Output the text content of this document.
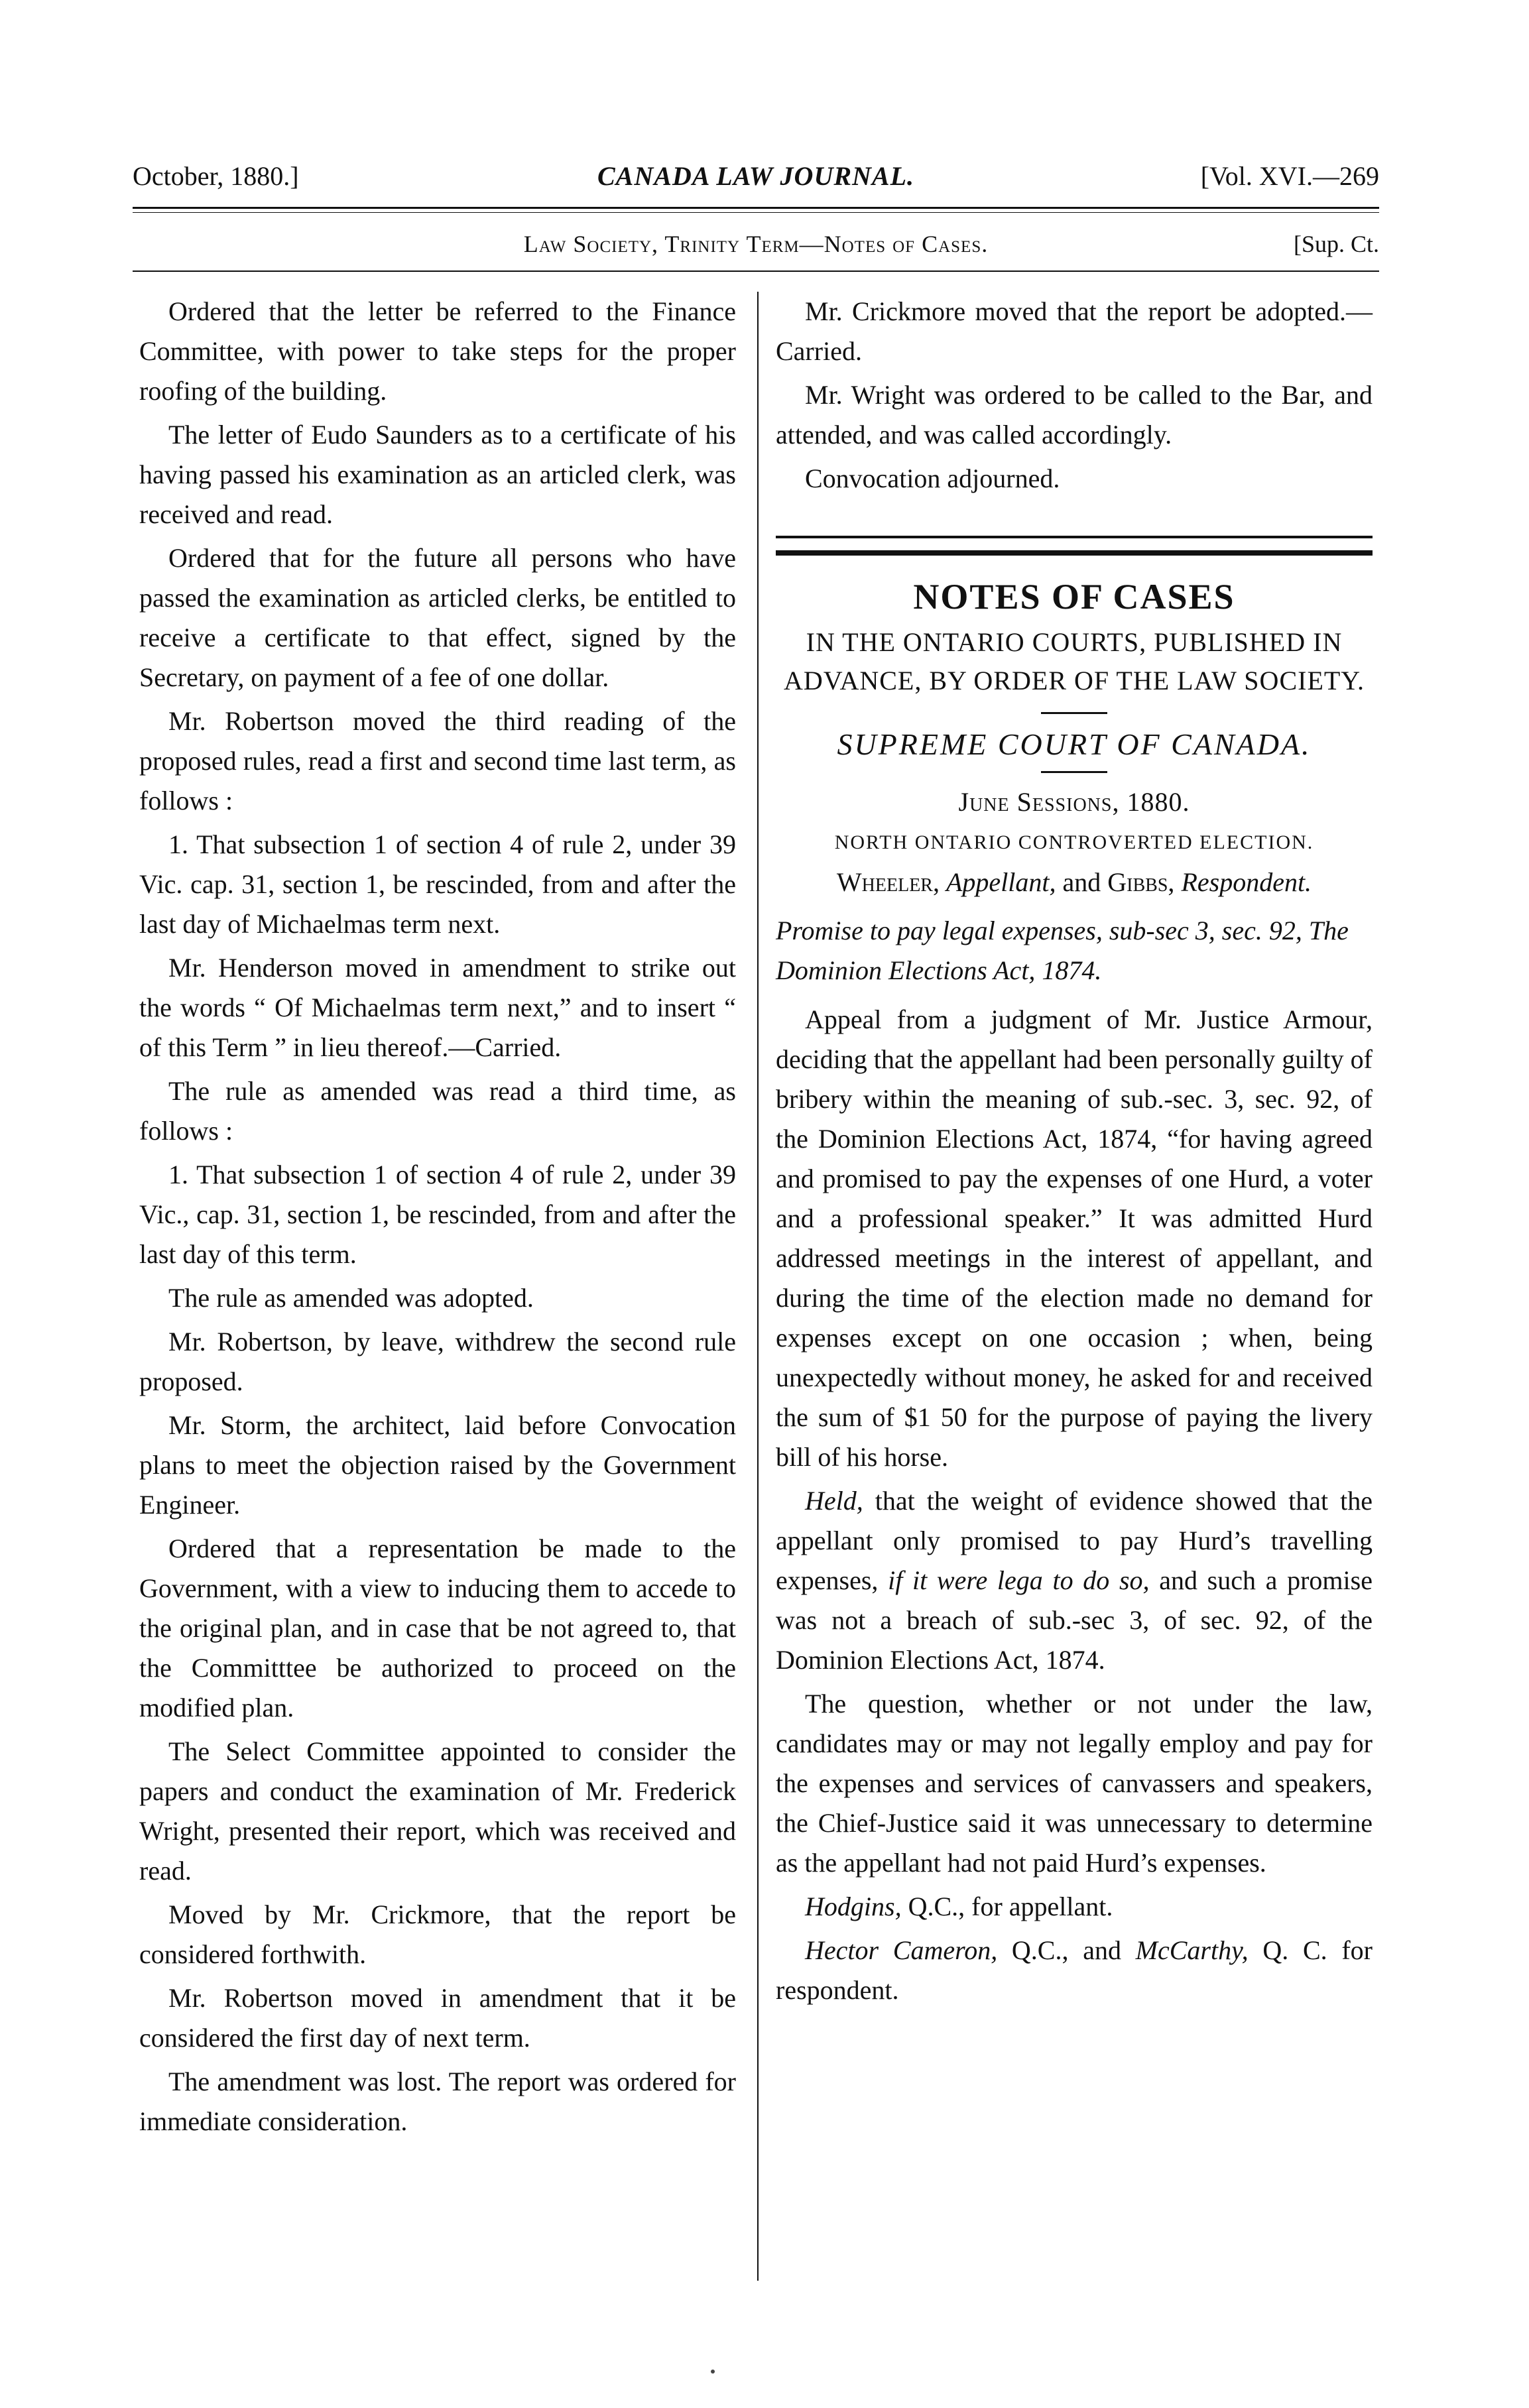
October, 1880.]	CANADA LAW JOURNAL.	[Vol. XVI.—269
Law Society, Trinity Term—Notes of Cases.	[Sup. Ct.

Ordered that the letter be referred to the Finance Committee, with power to take steps for the proper roofing of the building.

The letter of Eudo Saunders as to a certificate of his having passed his examination as an articled clerk, was received and read.

Ordered that for the future all persons who have passed the examination as articled clerks, be entitled to receive a certificate to that effect, signed by the Secretary, on payment of a fee of one dollar.

Mr. Robertson moved the third reading of the proposed rules, read a first and second time last term, as follows :

1. That subsection 1 of section 4 of rule 2, under 39 Vic. cap. 31, section 1, be rescinded, from and after the last day of Michaelmas term next.

Mr. Henderson moved in amendment to strike out the words “ Of Michaelmas term next,” and to insert “ of this Term ” in lieu thereof.—Carried.

The rule as amended was read a third time, as follows :

1. That subsection 1 of section 4 of rule 2, under 39 Vic., cap. 31, section 1, be rescinded, from and after the last day of this term.

The rule as amended was adopted.

Mr. Robertson, by leave, withdrew the second rule proposed.

Mr. Storm, the architect, laid before Convocation plans to meet the objection raised by the Government Engineer.

Ordered that a representation be made to the Government, with a view to inducing them to accede to the original plan, and in case that be not agreed to, that the Committtee be authorized to proceed on the modified plan.

The Select Committee appointed to consider the papers and conduct the examination of Mr. Frederick Wright, presented their report, which was received and read.

Moved by Mr. Crickmore, that the report be considered forthwith.

Mr. Robertson moved in amendment that it be considered the first day of next term.

The amendment was lost. The report was ordered for immediate consideration.

Mr. Crickmore moved that the report be adopted.—Carried.

Mr. Wright was ordered to be called to the Bar, and attended, and was called accordingly.

Convocation adjourned.

NOTES OF CASES
IN THE ONTARIO COURTS, PUBLISHED IN ADVANCE, BY ORDER OF THE LAW SOCIETY.
SUPREME COURT OF CANADA.
June Sessions, 1880.
NORTH ONTARIO CONTROVERTED ELECTION.
Wheeler, Appellant, and Gibbs, Respondent.

Promise to pay legal expenses, sub-sec 3, sec. 92, The Dominion Elections Act, 1874.

Appeal from a judgment of Mr. Justice Armour, deciding that the appellant had been personally guilty of bribery within the meaning of sub.-sec. 3, sec. 92, of the Dominion Elections Act, 1874, “for having agreed and promised to pay the expenses of one Hurd, a voter and a professional speaker.” It was admitted Hurd addressed meetings in the interest of appellant, and during the time of the election made no demand for expenses except on one occasion ; when, being unexpectedly without money, he asked for and received the sum of $1 50 for the purpose of paying the livery bill of his horse.

Held, that the weight of evidence showed that the appellant only promised to pay Hurd’s travelling expenses, if it were lega to do so, and such a promise was not a breach of sub.-sec 3, of sec. 92, of the Dominion Elections Act, 1874.

The question, whether or not under the law, candidates may or may not legally employ and pay for the expenses and services of canvassers and speakers, the Chief-Justice said it was unnecessary to determine as the appellant had not paid Hurd’s expenses.

Hodgins, Q.C., for appellant.

Hector Cameron, Q.C., and McCarthy, Q. C. for respondent.
